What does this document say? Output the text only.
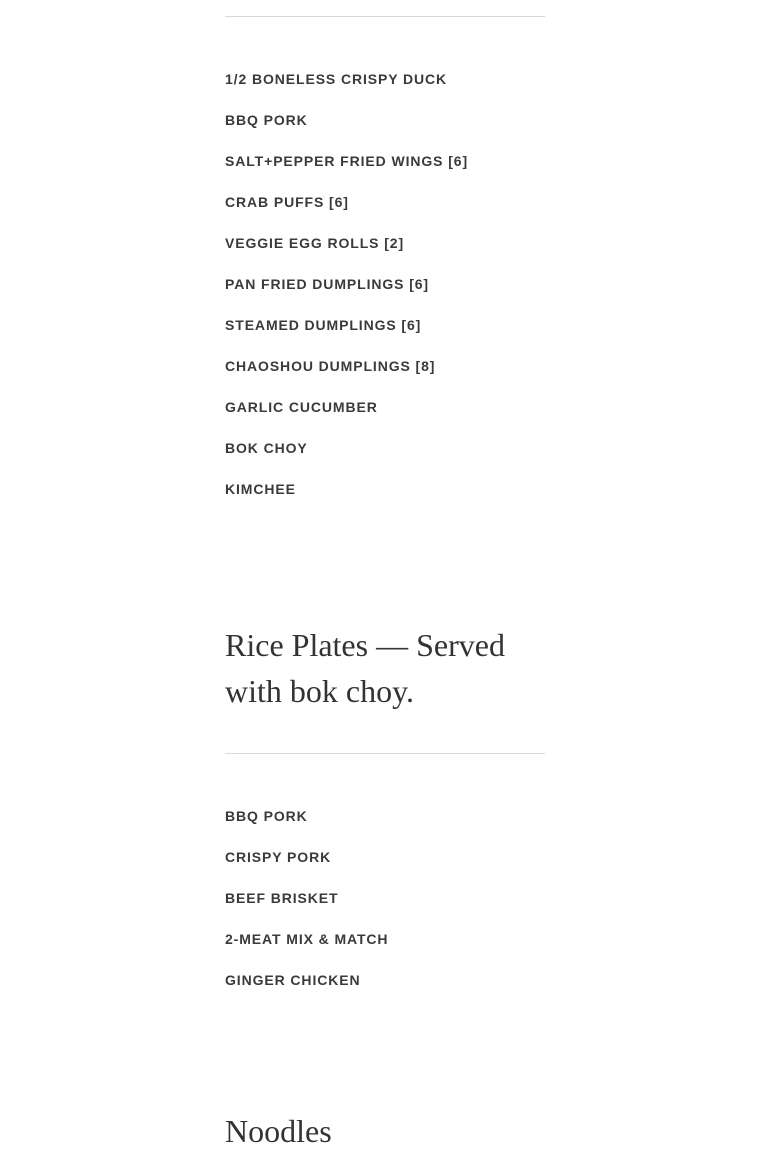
1/2 BONELESS CRISPY DUCK
BBQ PORK
SALT+PEPPER FRIED WINGS [6]
CRAB PUFFS [6]
VEGGIE EGG ROLLS [2]
PAN FRIED DUMPLINGS [6]
STEAMED DUMPLINGS [6]
CHAOSHOU DUMPLINGS [8]
GARLIC CUCUMBER
BOK CHOY
KIMCHEE
Rice Plates — Served with bok choy.
BBQ PORK
CRISPY PORK
BEEF BRISKET
2-MEAT MIX & MATCH
GINGER CHICKEN
Noodles
